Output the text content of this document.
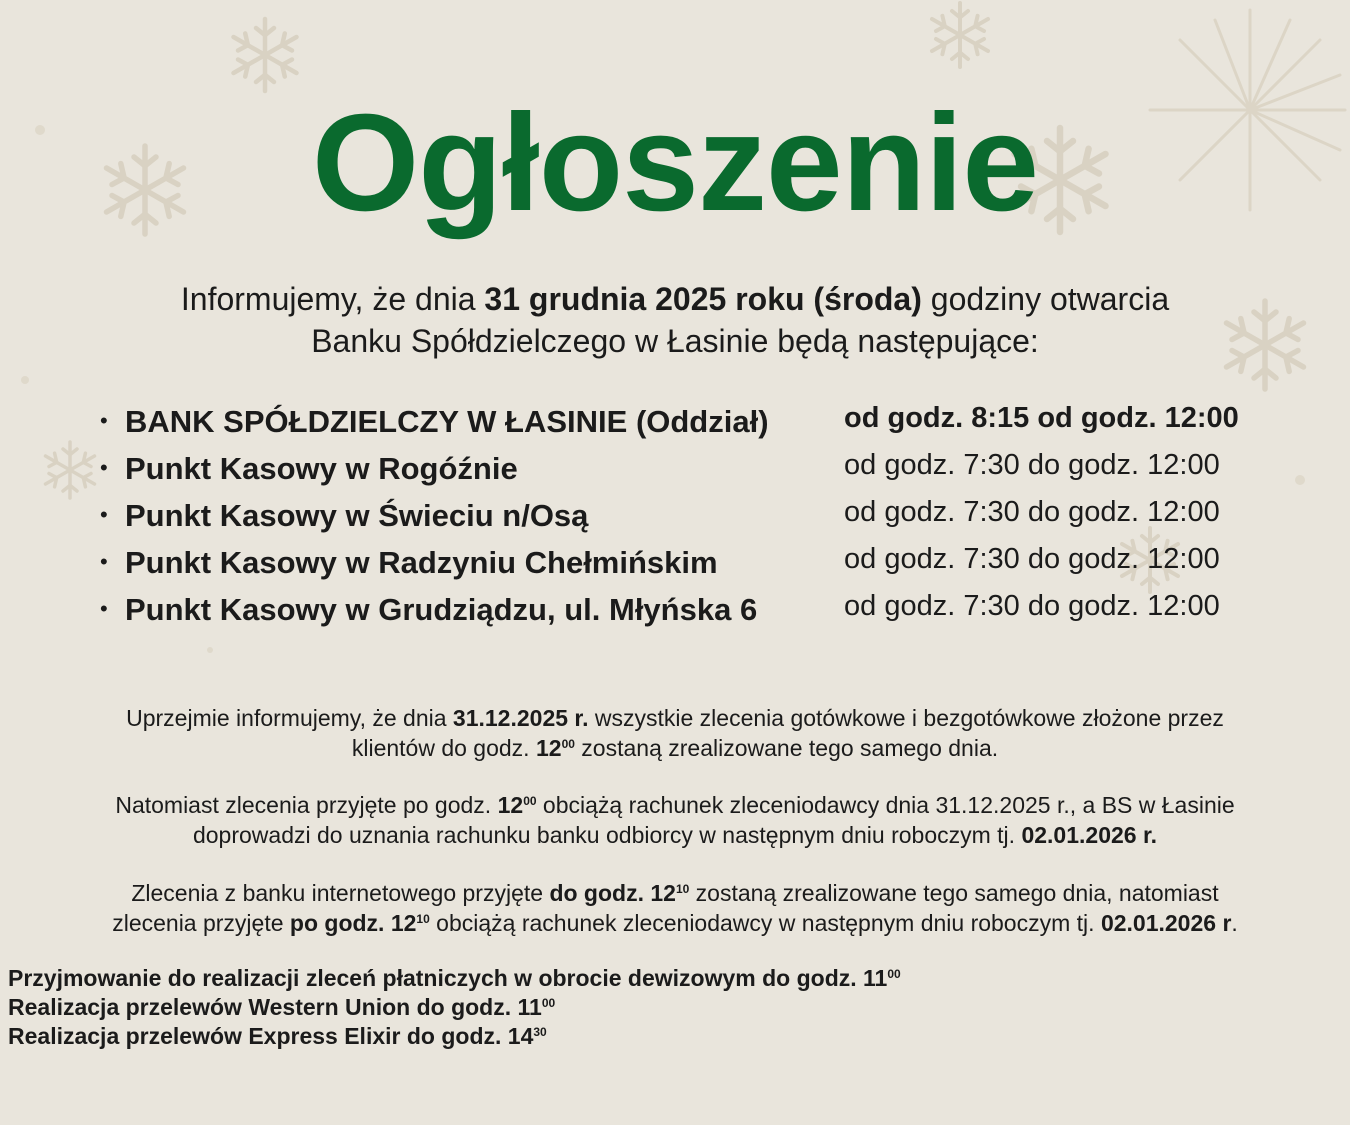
Ogłoszenie
Informujemy, że dnia 31 grudnia 2025 roku (środa) godziny otwarcia
Banku Spółdzielczego w Łasinie będą następujące:
• BANK SPÓŁDZIELCZY W ŁASINIE (Oddział)	od godz. 8:15 od godz. 12:00
• Punkt Kasowy w Rogóźnie	od godz. 7:30 do godz. 12:00
• Punkt Kasowy w Świeciu n/Osą	od godz. 7:30 do godz. 12:00
• Punkt Kasowy w Radzyniu Chełmińskim	od godz. 7:30 do godz. 12:00
• Punkt Kasowy w Grudziądzu, ul. Młyńska 6	od godz. 7:30 do godz. 12:00
Uprzejmie informujemy, że dnia 31.12.2025 r. wszystkie zlecenia gotówkowe i bezgotówkowe złożone przez
klientów do godz. $12^{00}$ zostaną zrealizowane tego samego dnia.
Natomiast zlecenia przyjęte po godz. $12^{00}$ obciążą rachunek zleceniodawcy dnia 31.12.2025 r., a BS w Łasinie
doprowadzi do uznania rachunku banku odbiorcy w następnym dniu roboczym tj. 02.01.2026 r.
Zlecenia z banku internetowego przyjęte do godz. $12^{10}$ zostaną zrealizowane tego samego dnia, natomiast
zlecenia przyjęte po godz. $12^{10}$ obciążą rachunek zleceniodawcy w następnym dniu roboczym tj. 02.01.2026 r.
Przyjmowanie do realizacji zleceń płatniczych w obrocie dewizowym do godz. $11^{00}$
Realizacja przelewów Western Union do godz. $11^{00}$
Realizacja przelewów Express Elixir do godz. $14^{30}$
